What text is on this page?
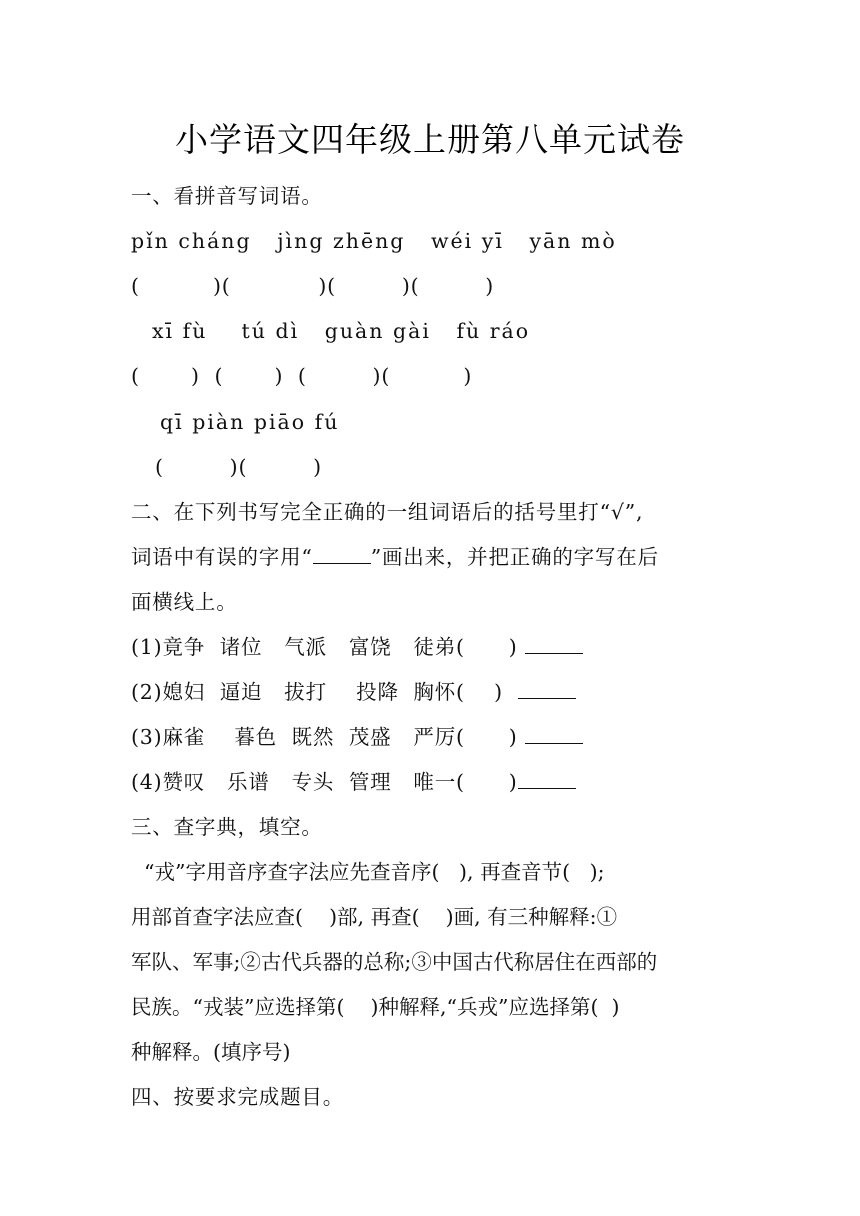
小学语文四年级上册第八单元试卷
一、看拼音写词语。
pǐn cháng jìng zhēng wéi yī yān mò
(          )(            )(         )(         )
xī fù tú dì guàn gài fù ráo
(       ) (       ) (         )(          )
qī piàn piāo fú
(         )(         )
二、在下列书写完全正确的一组词语后的括号里打“√”,
词语中有误的字用“	”画出来，并把正确的字写在后
面横线上。
(1)竟争 诸位 气派 富饶 徒弟(      )
(2)媳妇 逼迫 拔打 投降 胸怀(    )
(3)麻雀 暮色 既然 茂盛 严厉(      )
(4)赞叹 乐谱 专头 管理 唯一(      )
三、查字典，填空。
“戎”字用音序查字法应先查音序(   ), 再查音节(   );
用部首查字法应查(    )部, 再查(    )画, 有三种解释:①
军队、军事;②古代兵器的总称;③中国古代称居住在西部的
民族。“戎装”应选择第(    )种解释,“兵戎”应选择第(  )
种解释。(填序号)
四、按要求完成题目。
